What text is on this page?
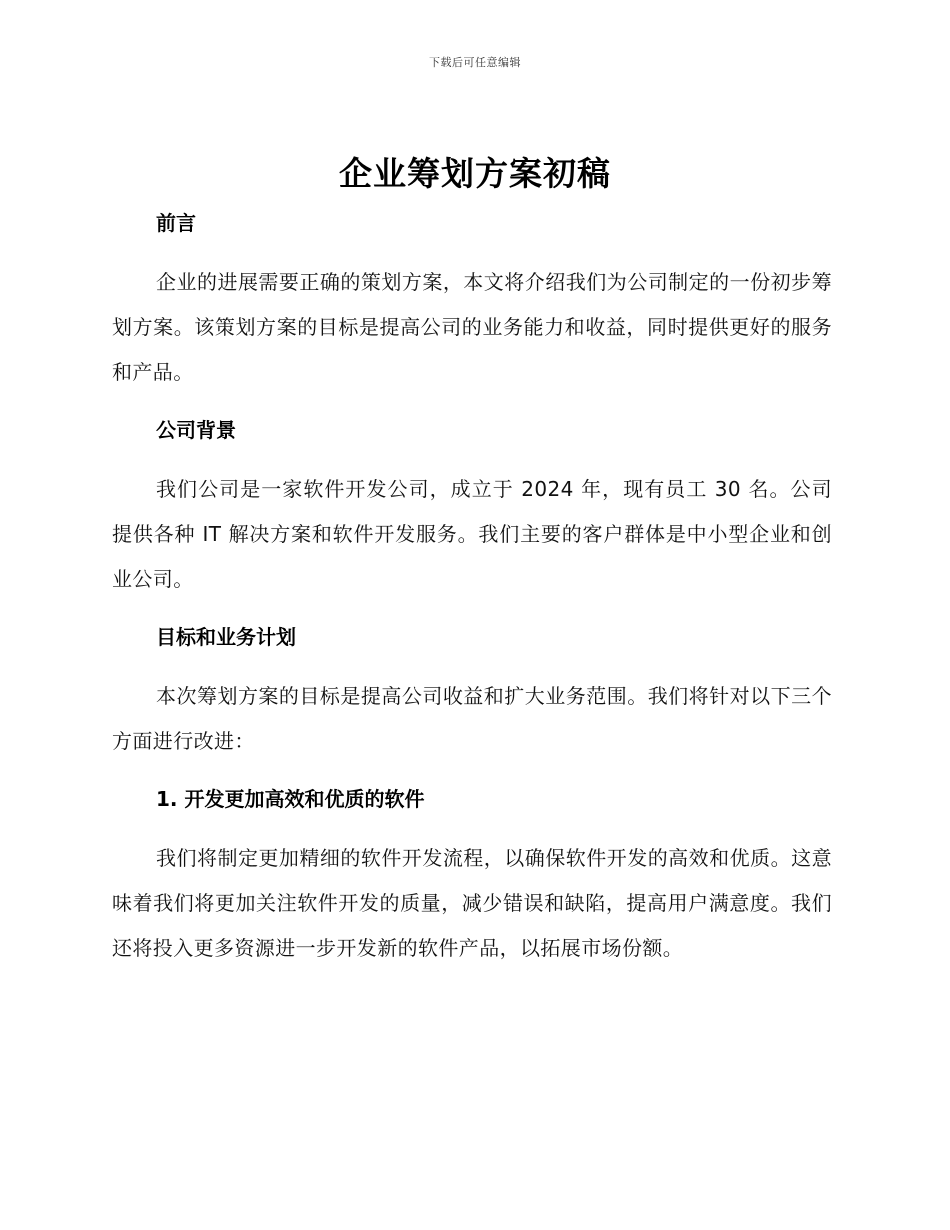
下载后可任意编辑
企业筹划方案初稿
前言

企业的进展需要正确的策划方案，本文将介绍我们为公司制定的一份初步筹划方案。该策划方案的目标是提高公司的业务能力和收益，同时提供更好的服务和产品。

公司背景

我们公司是一家软件开发公司，成立于 2024 年，现有员工 30 名。公司提供各种 IT 解决方案和软件开发服务。我们主要的客户群体是中小型企业和创业公司。

目标和业务计划

本次筹划方案的目标是提高公司收益和扩大业务范围。我们将针对以下三个方面进行改进：

1. 开发更加高效和优质的软件

我们将制定更加精细的软件开发流程，以确保软件开发的高效和优质。这意味着我们将更加关注软件开发的质量，减少错误和缺陷，提高用户满意度。我们还将投入更多资源进一步开发新的软件产品，以拓展市场份额。
